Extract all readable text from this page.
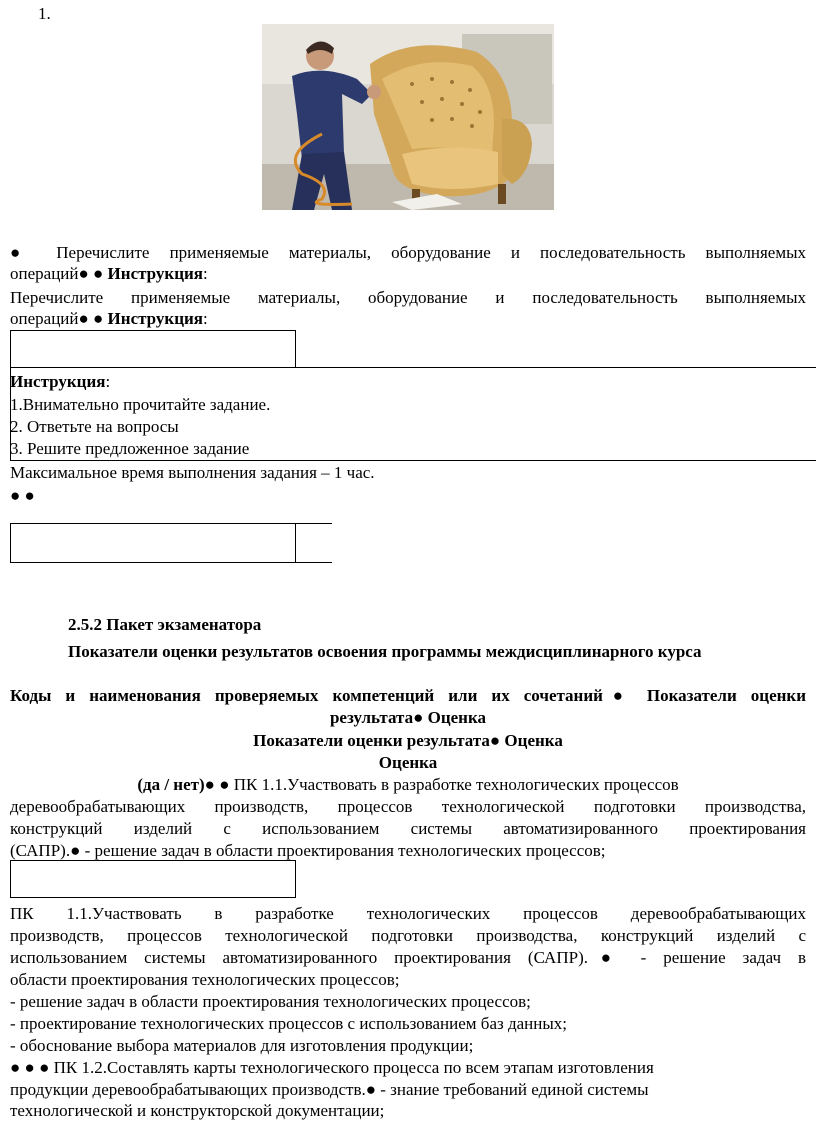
1.
● Перечислите применяемые материалы, оборудование и последовательность выполняемых
операций● ● Инструкция:
Перечислите применяемые материалы, оборудование и последовательность выполняемых
операций● ● Инструкция:
Инструкция:
1.Внимательно прочитайте задание.
2. Ответьте на вопросы
3. Решите предложенное задание
Максимальное время выполнения задания – 1 час.
● ●
2.5.2 Пакет экзаменатора
Показатели оценки результатов освоения программы междисциплинарного курса
Коды и наименования проверяемых компетенций или их сочетаний● Показатели оценки
результата● Оценка
Показатели оценки результата● Оценка
Оценка
(да / нет)● ● ПК 1.1.Участвовать в разработке технологических процессов
деревообрабатывающих производств, процессов технологической подготовки производства,
конструкций изделий с использованием системы автоматизированного проектирования
(САПР).● - решение задач в области проектирования технологических процессов;
ПК 1.1.Участвовать в разработке технологических процессов деревообрабатывающих
производств, процессов технологической подготовки производства, конструкций изделий с
использованием системы автоматизированного проектирования (САПР).● - решение задач в
области проектирования технологических процессов;
- решение задач в области проектирования технологических процессов;
- проектирование технологических процессов с использованием баз данных;
- обоснование выбора материалов для изготовления продукции;
● ● ● ПК 1.2.Составлять карты технологического процесса по всем этапам изготовления
продукции деревообрабатывающих производств.● - знание требований единой системы
технологической и конструкторской документации;
